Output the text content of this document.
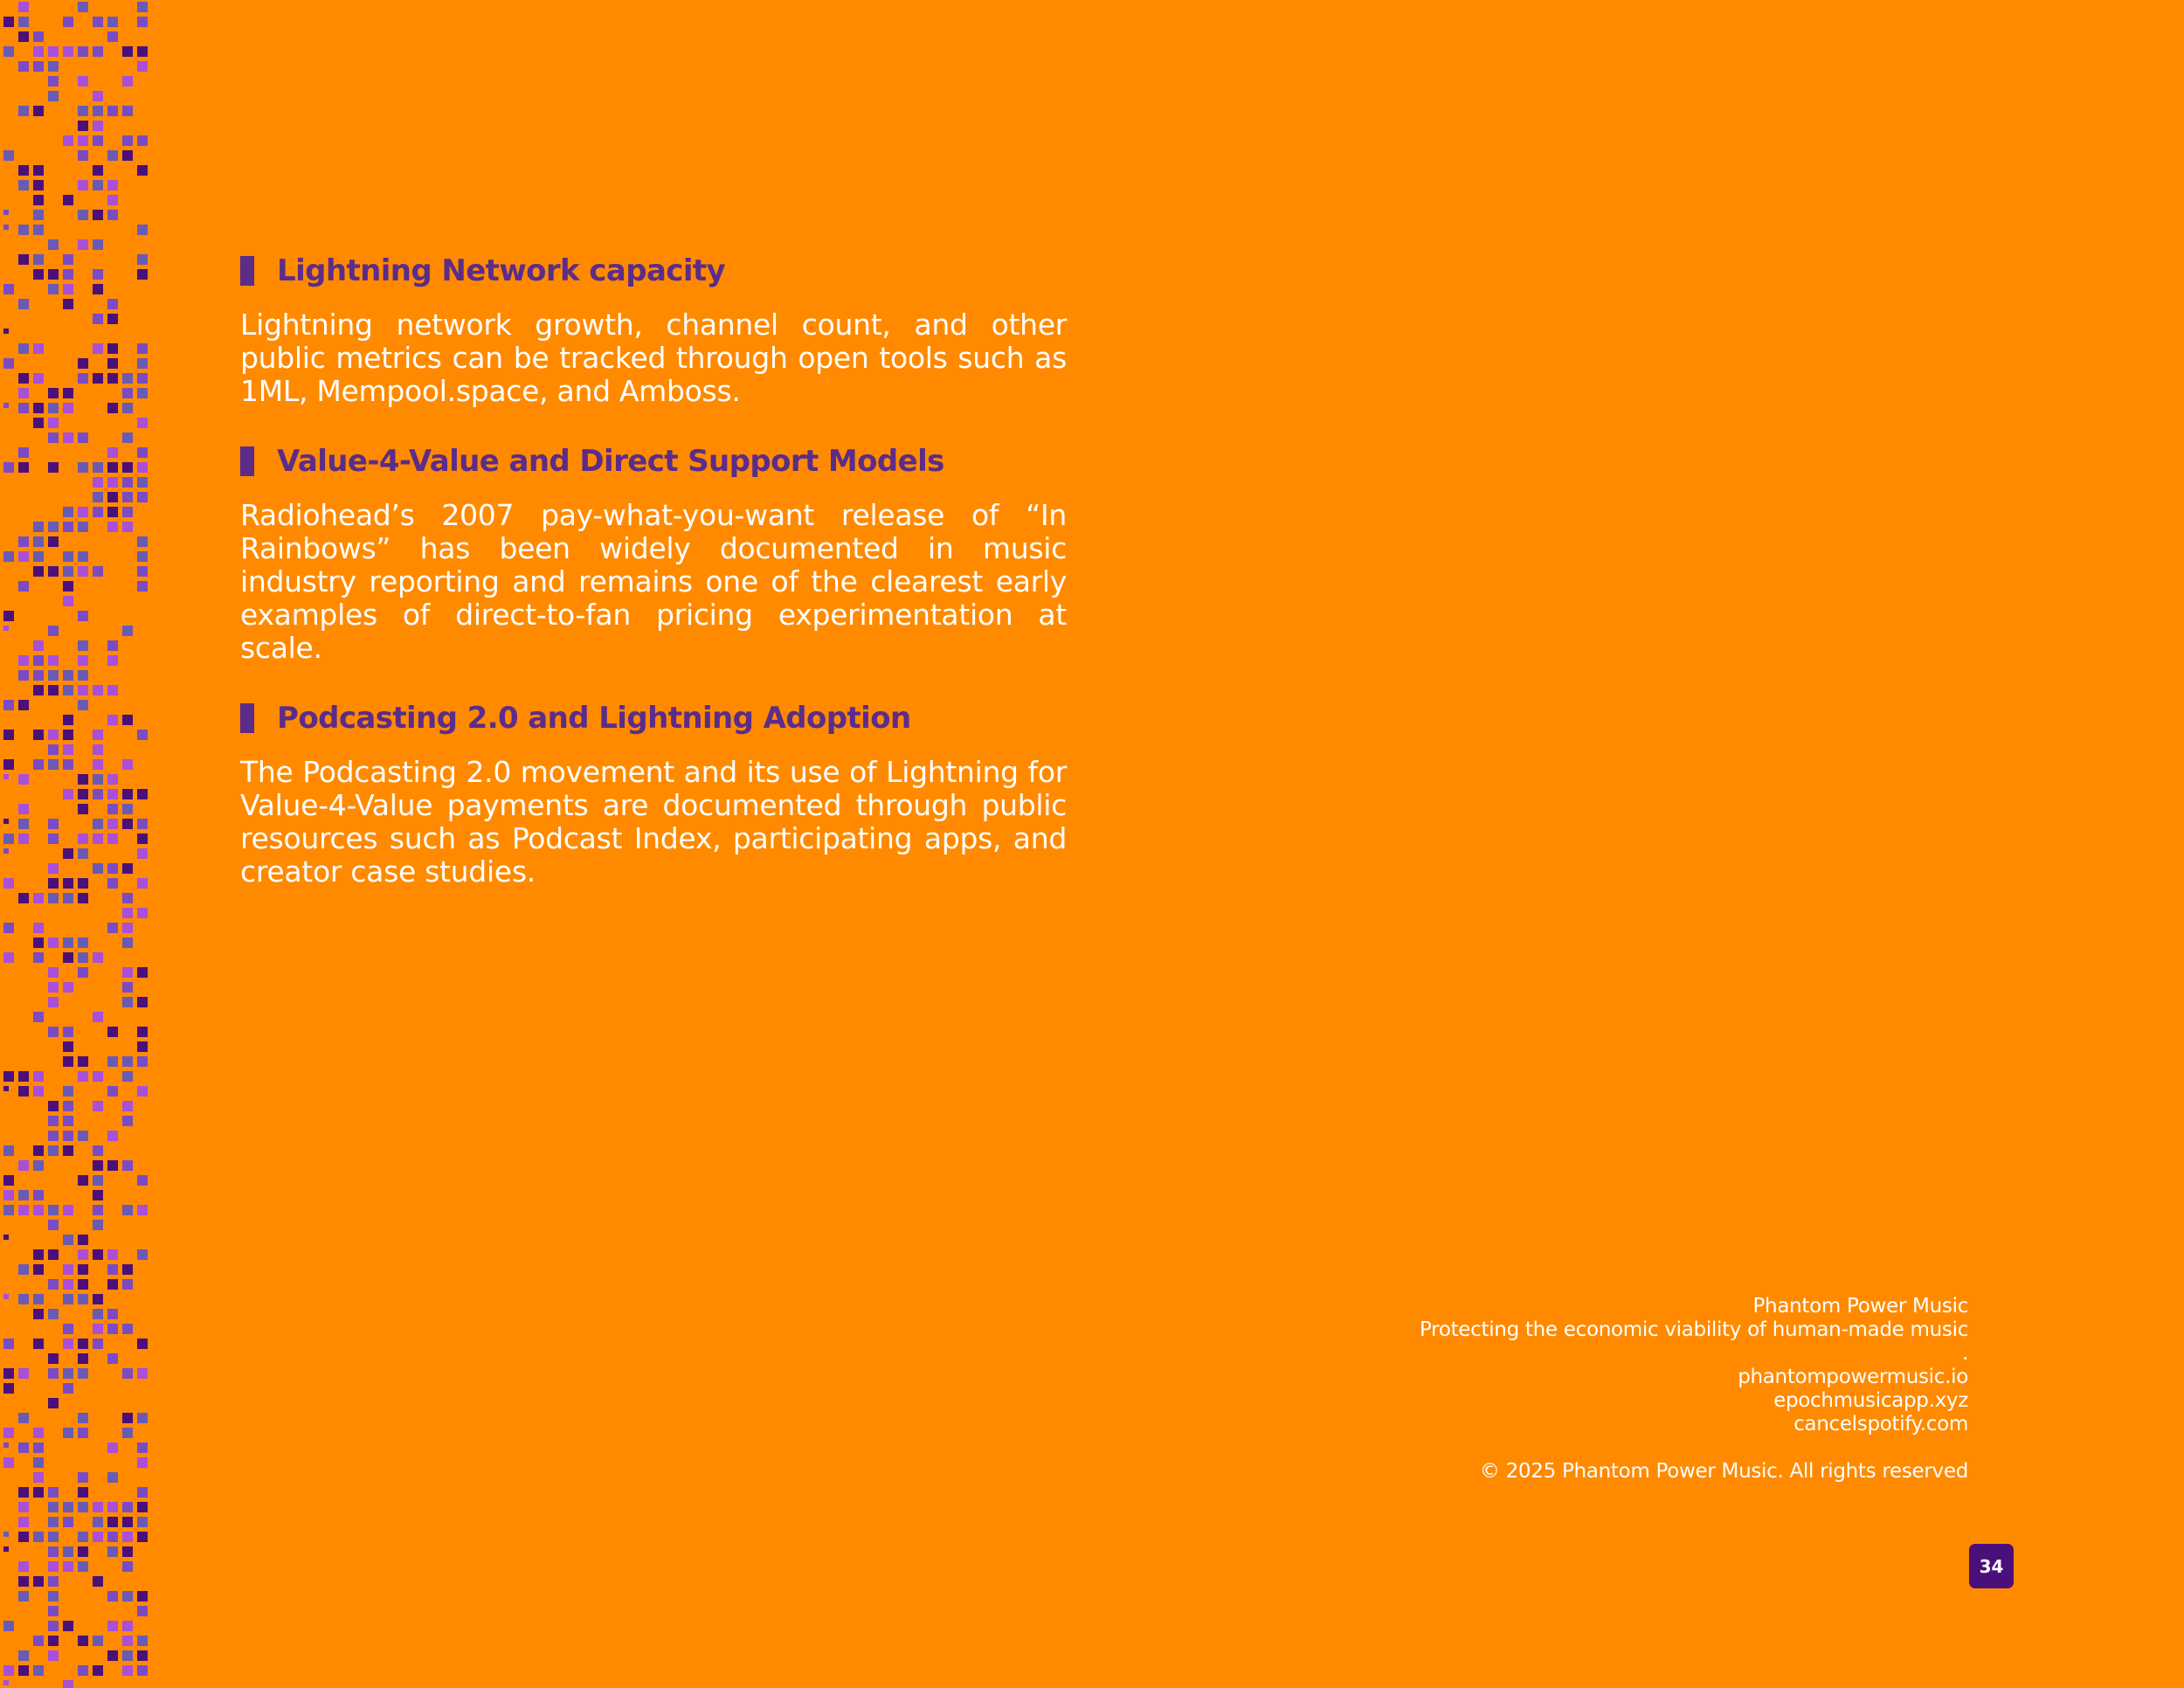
Lightning Network capacity

Lightning network growth, channel count, and other public metrics can be tracked through open tools such as 1ML, Mempool.space, and Amboss.

Value-4-Value and Direct Support Models

Radiohead’s 2007 pay-what-you-want release of “In Rainbows” has been widely documented in music industry reporting and remains one of the clearest early examples of direct-to-fan pricing experimentation at scale.

Podcasting 2.0 and Lightning Adoption

The Podcasting 2.0 movement and its use of Lightning for Value-4-Value payments are documented through public resources such as Podcast Index, participating apps, and creator case studies.

Phantom Power Music
Protecting the economic viability of human-made music
.
phantompowermusic.io
epochmusicapp.xyz
cancelspotify.com
© 2025 Phantom Power Music. All rights reserved
34
